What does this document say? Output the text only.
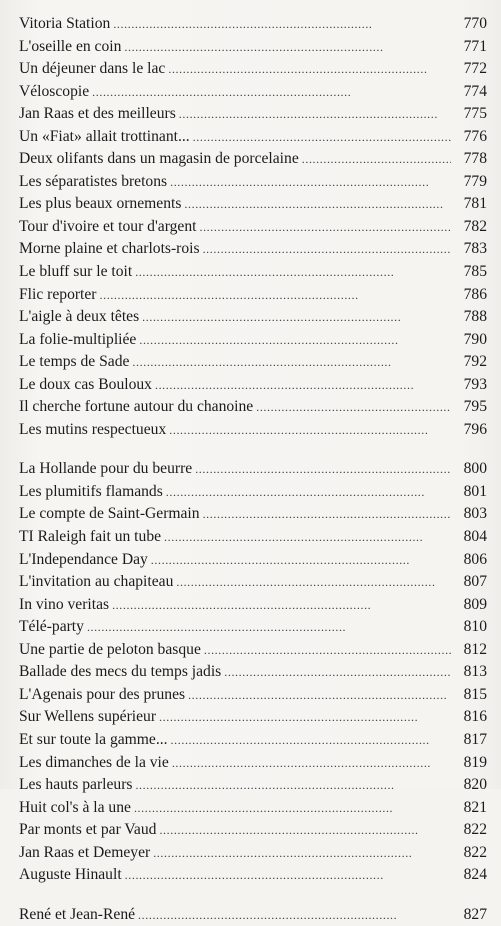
Vitoria Station . . .	770
L'oseille en coin . . .	771
Un déjeuner dans le lac . . .	772
Véloscopie . . .	774
Jan Raas et des meilleurs . . .	775
Un «Fiat» allait trottinant... . . .	776
Deux olifants dans un magasin de porcelaine . . .	778
Les séparatistes bretons . . .	779
Les plus beaux ornements . . .	781
Tour d'ivoire et tour d'argent . . .	782
Morne plaine et charlots-rois . . .	783
Le bluff sur le toit . . .	785
Flic reporter . . .	786
L'aigle à deux têtes . . .	788
La folie-multipliée . . .	790
Le temps de Sade . . .	792
Le doux cas Bouloux . . .	793
Il cherche fortune autour du chanoine . . .	795
Les mutins respectueux . . .	796
La Hollande pour du beurre . . .	800
Les plumitifs flamands . . .	801
Le compte de Saint-Germain . . .	803
TI Raleigh fait un tube . . .	804
L'Independance Day . . .	806
L'invitation au chapiteau . . .	807
In vino veritas . . .	809
Télé-party . . .	810
Une partie de peloton basque . . .	812
Ballade des mecs du temps jadis . . .	813
L'Agenais pour des prunes . . .	815
Sur Wellens supérieur . . .	816
Et sur toute la gamme... . . .	817
Les dimanches de la vie . . .	819
Les hauts parleurs . . .	820
Huit col's à la une . . .	821
Par monts et par Vaud . . .	822
Jan Raas et Demeyer . . .	822
Auguste Hinault . . .	824
René et Jean-René . . .	827
